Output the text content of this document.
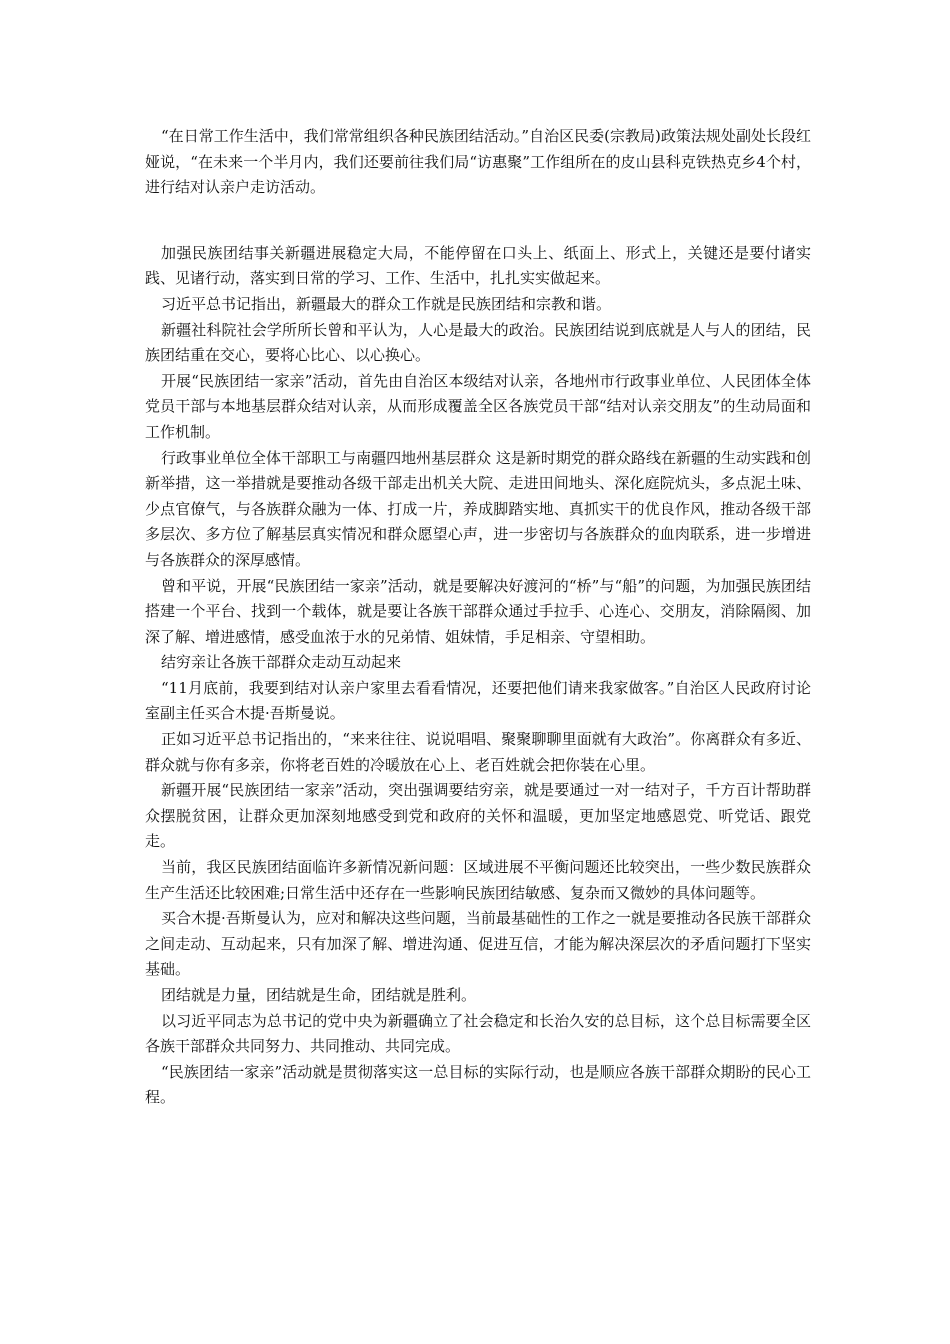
“在日常工作生活中，我们常常组织各种民族团结活动。”自治区民委(宗教局)政策法规处副处长段红娅说，“在未来一个半月内，我们还要前往我们局“访惠聚”工作组所在的皮山县科克铁热克乡4个村，进行结对认亲户走访活动。

加强民族团结事关新疆进展稳定大局，不能停留在口头上、纸面上、形式上，关键还是要付诸实践、见诸行动，落实到日常的学习、工作、生活中，扎扎实实做起来。

习近平总书记指出，新疆最大的群众工作就是民族团结和宗教和谐。

新疆社科院社会学所所长曾和平认为，人心是最大的政治。民族团结说到底就是人与人的团结，民族团结重在交心，要将心比心、以心换心。

开展“民族团结一家亲”活动，首先由自治区本级结对认亲，各地州市行政事业单位、人民团体全体党员干部与本地基层群众结对认亲，从而形成覆盖全区各族党员干部“结对认亲交朋友”的生动局面和工作机制。

行政事业单位全体干部职工与南疆四地州基层群众 这是新时期党的群众路线在新疆的生动实践和创新举措，这一举措就是要推动各级干部走出机关大院、走进田间地头、深化庭院炕头，多点泥土味、少点官僚气，与各族群众融为一体、打成一片，养成脚踏实地、真抓实干的优良作风，推动各级干部多层次、多方位了解基层真实情况和群众愿望心声，进一步密切与各族群众的血肉联系，进一步增进与各族群众的深厚感情。

曾和平说，开展“民族团结一家亲”活动，就是要解决好渡河的“桥”与“船”的问题，为加强民族团结搭建一个平台、找到一个载体，就是要让各族干部群众通过手拉手、心连心、交朋友，消除隔阂、加深了解、增进感情，感受血浓于水的兄弟情、姐妹情，手足相亲、守望相助。

结穷亲让各族干部群众走动互动起来

“11月底前，我要到结对认亲户家里去看看情况，还要把他们请来我家做客。”自治区人民政府讨论室副主任买合木提·吾斯曼说。

正如习近平总书记指出的，“来来往往、说说唱唱、聚聚聊聊里面就有大政治”。你离群众有多近、群众就与你有多亲，你将老百姓的冷暖放在心上、老百姓就会把你装在心里。

新疆开展“民族团结一家亲”活动，突出强调要结穷亲，就是要通过一对一结对子，千方百计帮助群众摆脱贫困，让群众更加深刻地感受到党和政府的关怀和温暖，更加坚定地感恩党、听党话、跟党走。

当前，我区民族团结面临许多新情况新问题：区域进展不平衡问题还比较突出，一些少数民族群众生产生活还比较困难;日常生活中还存在一些影响民族团结敏感、复杂而又微妙的具体问题等。

买合木提·吾斯曼认为，应对和解决这些问题，当前最基础性的工作之一就是要推动各民族干部群众之间走动、互动起来，只有加深了解、增进沟通、促进互信，才能为解决深层次的矛盾问题打下坚实基础。

团结就是力量，团结就是生命，团结就是胜利。

以习近平同志为总书记的党中央为新疆确立了社会稳定和长治久安的总目标，这个总目标需要全区各族干部群众共同努力、共同推动、共同完成。

“民族团结一家亲”活动就是贯彻落实这一总目标的实际行动，也是顺应各族干部群众期盼的民心工程。
